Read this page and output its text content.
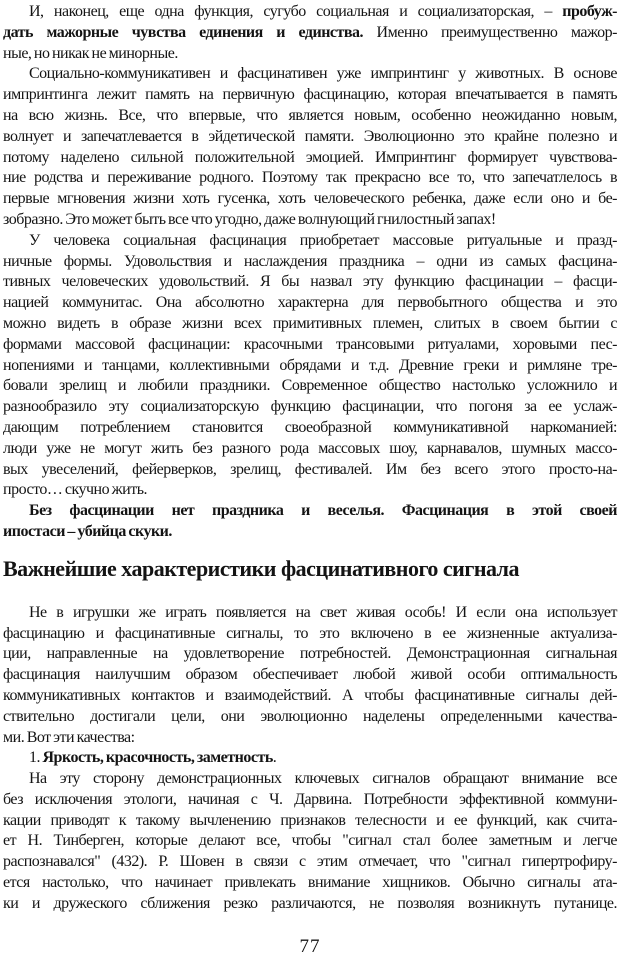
И, наконец, еще одна функция, сугубо социальная и социализаторская, – пробуж-
дать мажорные чувства единения и единства. Именно преимущественно мажор-
ные, но никак не минорные.
Социально-коммуникативен и фасцинативен уже импринтинг у животных. В основе
импринтинга лежит память на первичную фасцинацию, которая впечатывается в память
на всю жизнь. Все, что впервые, что является новым, особенно неожиданно новым,
волнует и запечатлевается в эйдетической памяти. Эволюционно это крайне полезно и
потому наделено сильной положительной эмоцией. Импринтинг формирует чувствова-
ние родства и переживание родного. Поэтому так прекрасно все то, что запечатлелось в
первые мгновения жизни хоть гусенка, хоть человеческого ребенка, даже если оно и бе-
зобразно. Это может быть все что угодно, даже волнующий гнилостный запах!
У человека социальная фасцинация приобретает массовые ритуальные и празд-
ничные формы. Удовольствия и наслаждения праздника – одни из самых фасцина-
тивных человеческих удовольствий. Я бы назвал эту функцию фасцинации – фасци-
нацией коммунитас. Она абсолютно характерна для первобытного общества и это
можно видеть в образе жизни всех примитивных племен, слитых в своем бытии с
формами массовой фасцинации: красочными трансовыми ритуалами, хоровыми пес-
нопениями и танцами, коллективными обрядами и т.д. Древние греки и римляне тре-
бовали зрелищ и любили праздники. Современное общество настолько усложнило и
разнообразило эту социализаторскую функцию фасцинации, что погоня за ее услаж-
дающим потреблением становится своеобразной коммуникативной наркоманией:
люди уже не могут жить без разного рода массовых шоу, карнавалов, шумных массо-
вых увеселений, фейерверков, зрелищ, фестивалей. Им без всего этого просто-на-
просто… скучно жить.
Без фасцинации нет праздника и веселья. Фасцинация в этой своей
ипостаси – убийца скуки.
Важнейшие характеристики фасцинативного сигнала
Не в игрушки же играть появляется на свет живая особь! И если она использует
фасцинацию и фасцинативные сигналы, то это включено в ее жизненные актуализа-
ции, направленные на удовлетворение потребностей. Демонстрационная сигнальная
фасцинация наилучшим образом обеспечивает любой живой особи оптимальность
коммуникативных контактов и взаимодействий. А чтобы фасцинативные сигналы дей-
ствительно достигали цели, они эволюционно наделены определенными качества-
ми. Вот эти качества:
1. Яркость, красочность, заметность.
На эту сторону демонстрационных ключевых сигналов обращают внимание все
без исключения этологи, начиная с Ч. Дарвина. Потребности эффективной коммуни-
кации приводят к такому вычленению признаков телесности и ее функций, как счита-
ет Н. Тинберген, которые делают все, чтобы "сигнал стал более заметным и легче
распознавался" (432). Р. Шовен в связи с этим отмечает, что "сигнал гипертрофиру-
ется настолько, что начинает привлекать внимание хищников. Обычно сигналы ата-
ки и дружеского сближения резко различаются, не позволяя возникнуть путанице.
77
